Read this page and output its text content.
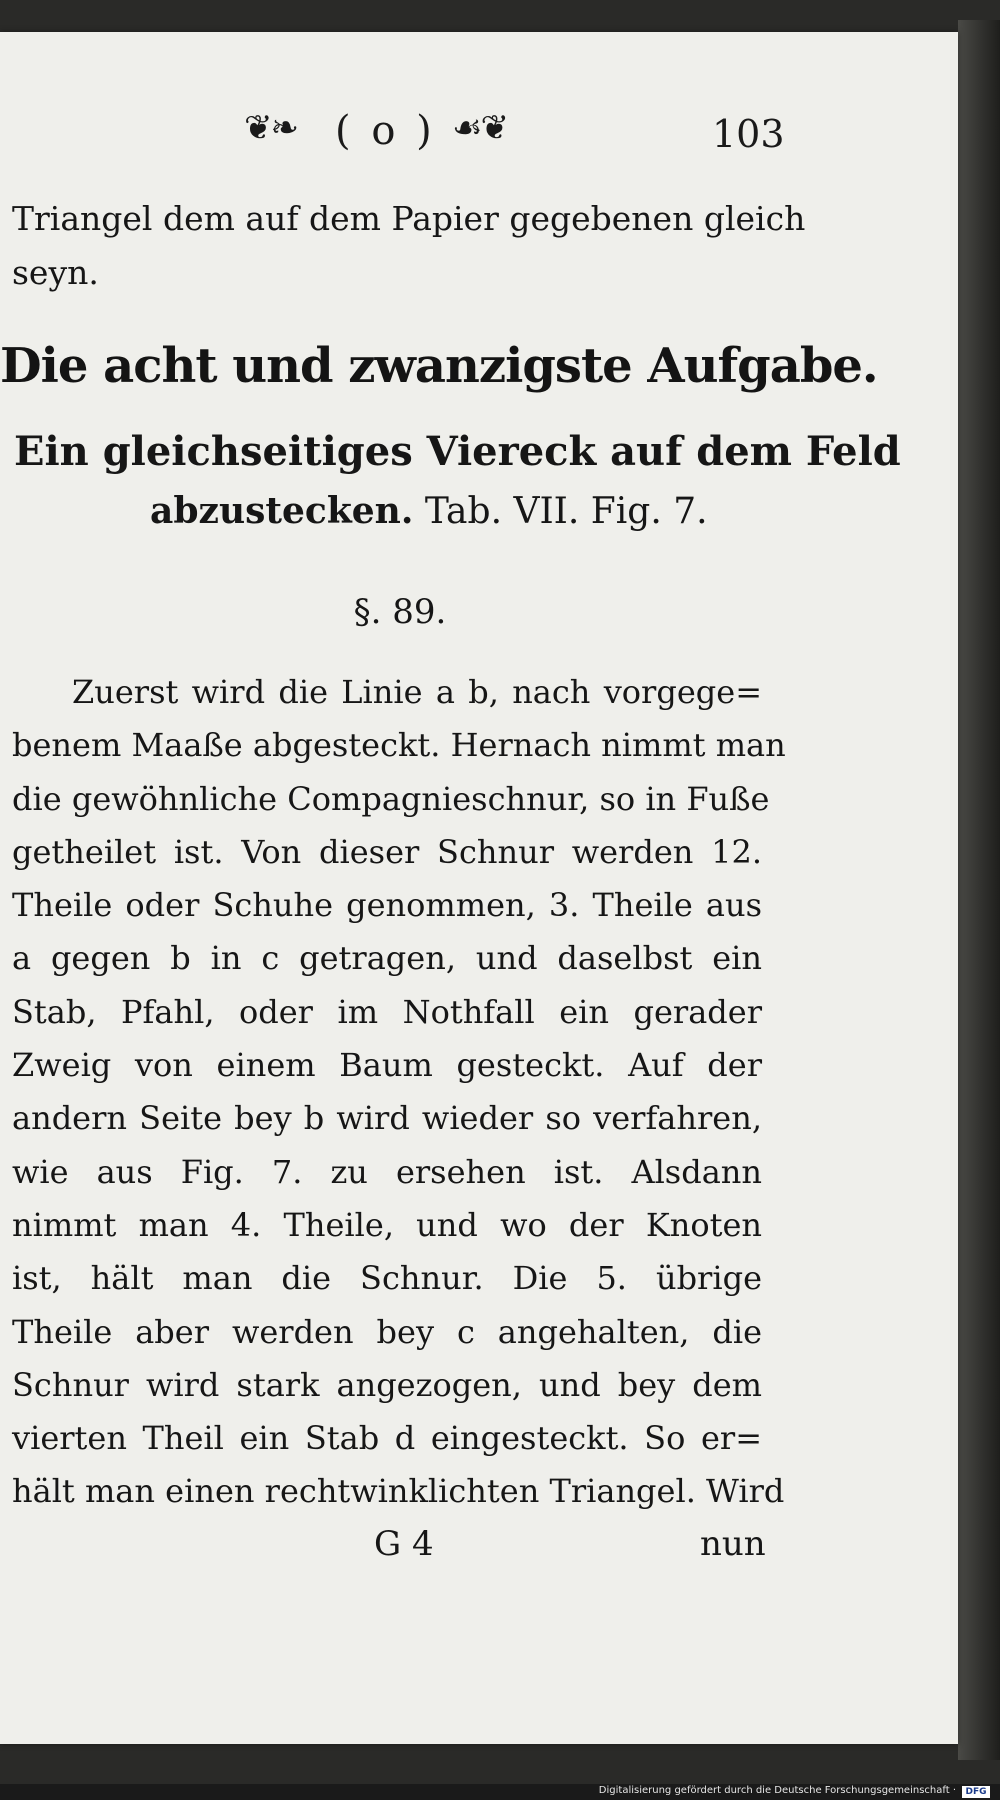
❦❧ ( o ) ☙❦	103
Triangel dem auf dem Papier gegebenen gleich
seyn.
Die acht und zwanzigste Aufgabe.
Ein gleichseitiges Viereck auf dem Feld
abzustecken. Tab. VII. Fig. 7.
§. 89.
Zuerst wird die Linie a b, nach vorgege=
benem Maaße abgesteckt. Hernach nimmt man
die gewöhnliche Compagnieschnur, so in Fuße
getheilet ist. Von dieser Schnur werden 12.
Theile oder Schuhe genommen, 3. Theile aus
a gegen b in c getragen, und daselbst ein
Stab, Pfahl, oder im Nothfall ein gerader
Zweig von einem Baum gesteckt. Auf der
andern Seite bey b wird wieder so verfahren,
wie aus Fig. 7. zu ersehen ist. Alsdann
nimmt man 4. Theile, und wo der Knoten
ist, hält man die Schnur. Die 5. übrige
Theile aber werden bey c angehalten, die
Schnur wird stark angezogen, und bey dem
vierten Theil ein Stab d eingesteckt. So er=
hält man einen rechtwinklichten Triangel. Wird
G 4	nun
Digitalisierung gefördert durch die Deutsche Forschungsgemeinschaft ·	DFG
